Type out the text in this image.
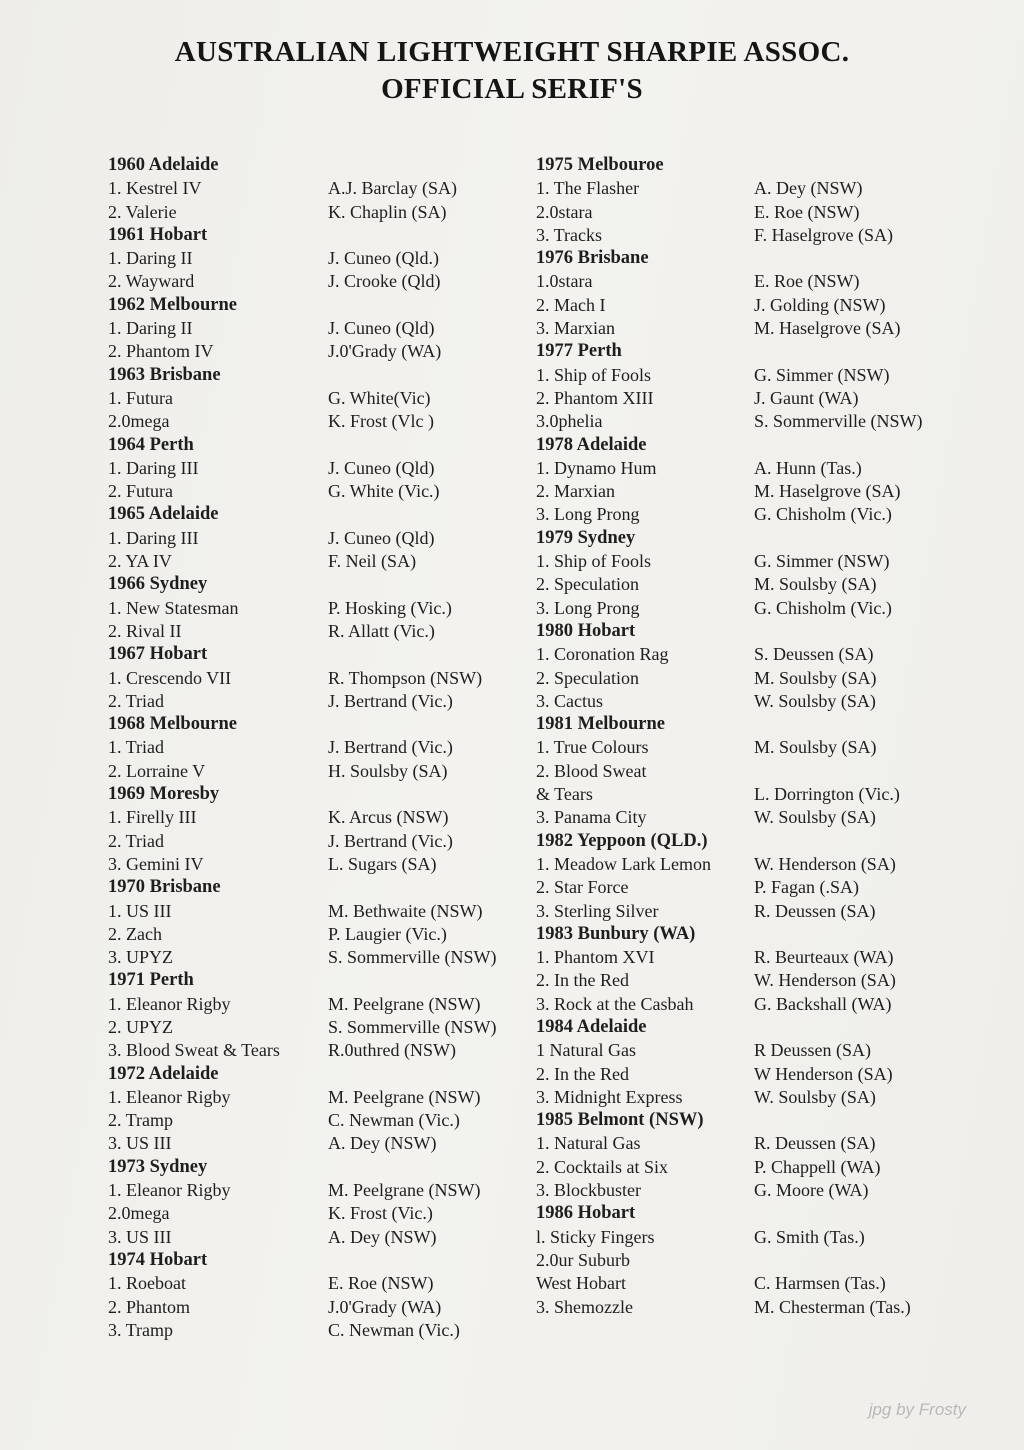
AUSTRALIAN LIGHTWEIGHT SHARPIE ASSOC.
OFFICIAL SERIF'S
1960 Adelaide
1. Kestrel IV	A.J. Barclay (SA)
2. Valerie	K. Chaplin (SA)
1961 Hobart
1. Daring II	J. Cuneo (Qld.)
2. Wayward	J. Crooke (Qld)
1962 Melbourne
1. Daring II	J. Cuneo (Qld)
2. Phantom IV	J.0'Grady (WA)
1963 Brisbane
1. Futura	G. White(Vic)
2.0mega	K. Frost (Vlc )
1964 Perth
1. Daring III	J. Cuneo (Qld)
2. Futura	G. White (Vic.)
1965 Adelaide
1. Daring III	J. Cuneo (Qld)
2. YA IV	F. Neil (SA)
1966 Sydney
1. New Statesman	P. Hosking (Vic.)
2. Rival II	R. Allatt (Vic.)
1967 Hobart
1. Crescendo VII	R. Thompson (NSW)
2. Triad	J. Bertrand (Vic.)
1968 Melbourne
1. Triad	J. Bertrand (Vic.)
2. Lorraine V	H. Soulsby (SA)
1969 Moresby
1. Firelly III	K. Arcus (NSW)
2. Triad	J. Bertrand (Vic.)
3. Gemini IV	L. Sugars (SA)
1970 Brisbane
1. US III	M. Bethwaite (NSW)
2. Zach	P. Laugier (Vic.)
3. UPYZ	S. Sommerville (NSW)
1971 Perth
1. Eleanor Rigby	M. Peelgrane (NSW)
2. UPYZ	S. Sommerville (NSW)
3. Blood Sweat & Tears	R.0uthred (NSW)
1972 Adelaide
1. Eleanor Rigby	M. Peelgrane (NSW)
2. Tramp	C. Newman (Vic.)
3. US III	A. Dey (NSW)
1973 Sydney
1. Eleanor Rigby	M. Peelgrane (NSW)
2.0mega	K. Frost (Vic.)
3. US III	A. Dey (NSW)
1974 Hobart
1. Roeboat	E. Roe (NSW)
2. Phantom	J.0'Grady (WA)
3. Tramp	C. Newman (Vic.)
1975 Melbouroe
1. The Flasher	A. Dey (NSW)
2.0stara	E. Roe (NSW)
3. Tracks	F. Haselgrove (SA)
1976 Brisbane
1.0stara	E. Roe (NSW)
2. Mach I	J. Golding (NSW)
3. Marxian	M. Haselgrove (SA)
1977 Perth
1. Ship of Fools	G. Simmer (NSW)
2. Phantom XIII	J. Gaunt (WA)
3.0phelia	S. Sommerville (NSW)
1978 Adelaide
1. Dynamo Hum	A. Hunn (Tas.)
2. Marxian	M. Haselgrove (SA)
3. Long Prong	G. Chisholm (Vic.)
1979 Sydney
1. Ship of Fools	G. Simmer (NSW)
2. Speculation	M. Soulsby (SA)
3. Long Prong	G. Chisholm (Vic.)
1980 Hobart
1. Coronation Rag	S. Deussen (SA)
2. Speculation	M. Soulsby (SA)
3. Cactus	W. Soulsby (SA)
1981 Melbourne
1. True Colours	M. Soulsby (SA)
2. Blood Sweat
& Tears	L. Dorrington (Vic.)
3. Panama City	W. Soulsby (SA)
1982 Yeppoon (QLD.)
1. Meadow Lark Lemon W. Henderson (SA)
2. Star Force	P. Fagan (.SA)
3. Sterling Silver	R. Deussen (SA)
1983 Bunbury (WA)
1. Phantom XVI	R. Beurteaux (WA)
2. In the Red	W. Henderson (SA)
3. Rock at the Casbah	G. Backshall (WA)
1984 Adelaide
1 Natural Gas	R Deussen (SA)
2. In the Red	W Henderson (SA)
3. Midnight Express	W. Soulsby (SA)
1985 Belmont (NSW)
1. Natural Gas	R. Deussen (SA)
2. Cocktails at Six	P. Chappell (WA)
3. Blockbuster	G. Moore (WA)
1986 Hobart
l. Sticky Fingers	G. Smith (Tas.)
2.0ur Suburb
West Hobart	C. Harmsen (Tas.)
3. Shemozzle	M. Chesterman (Tas.)
jpg by Frosty
